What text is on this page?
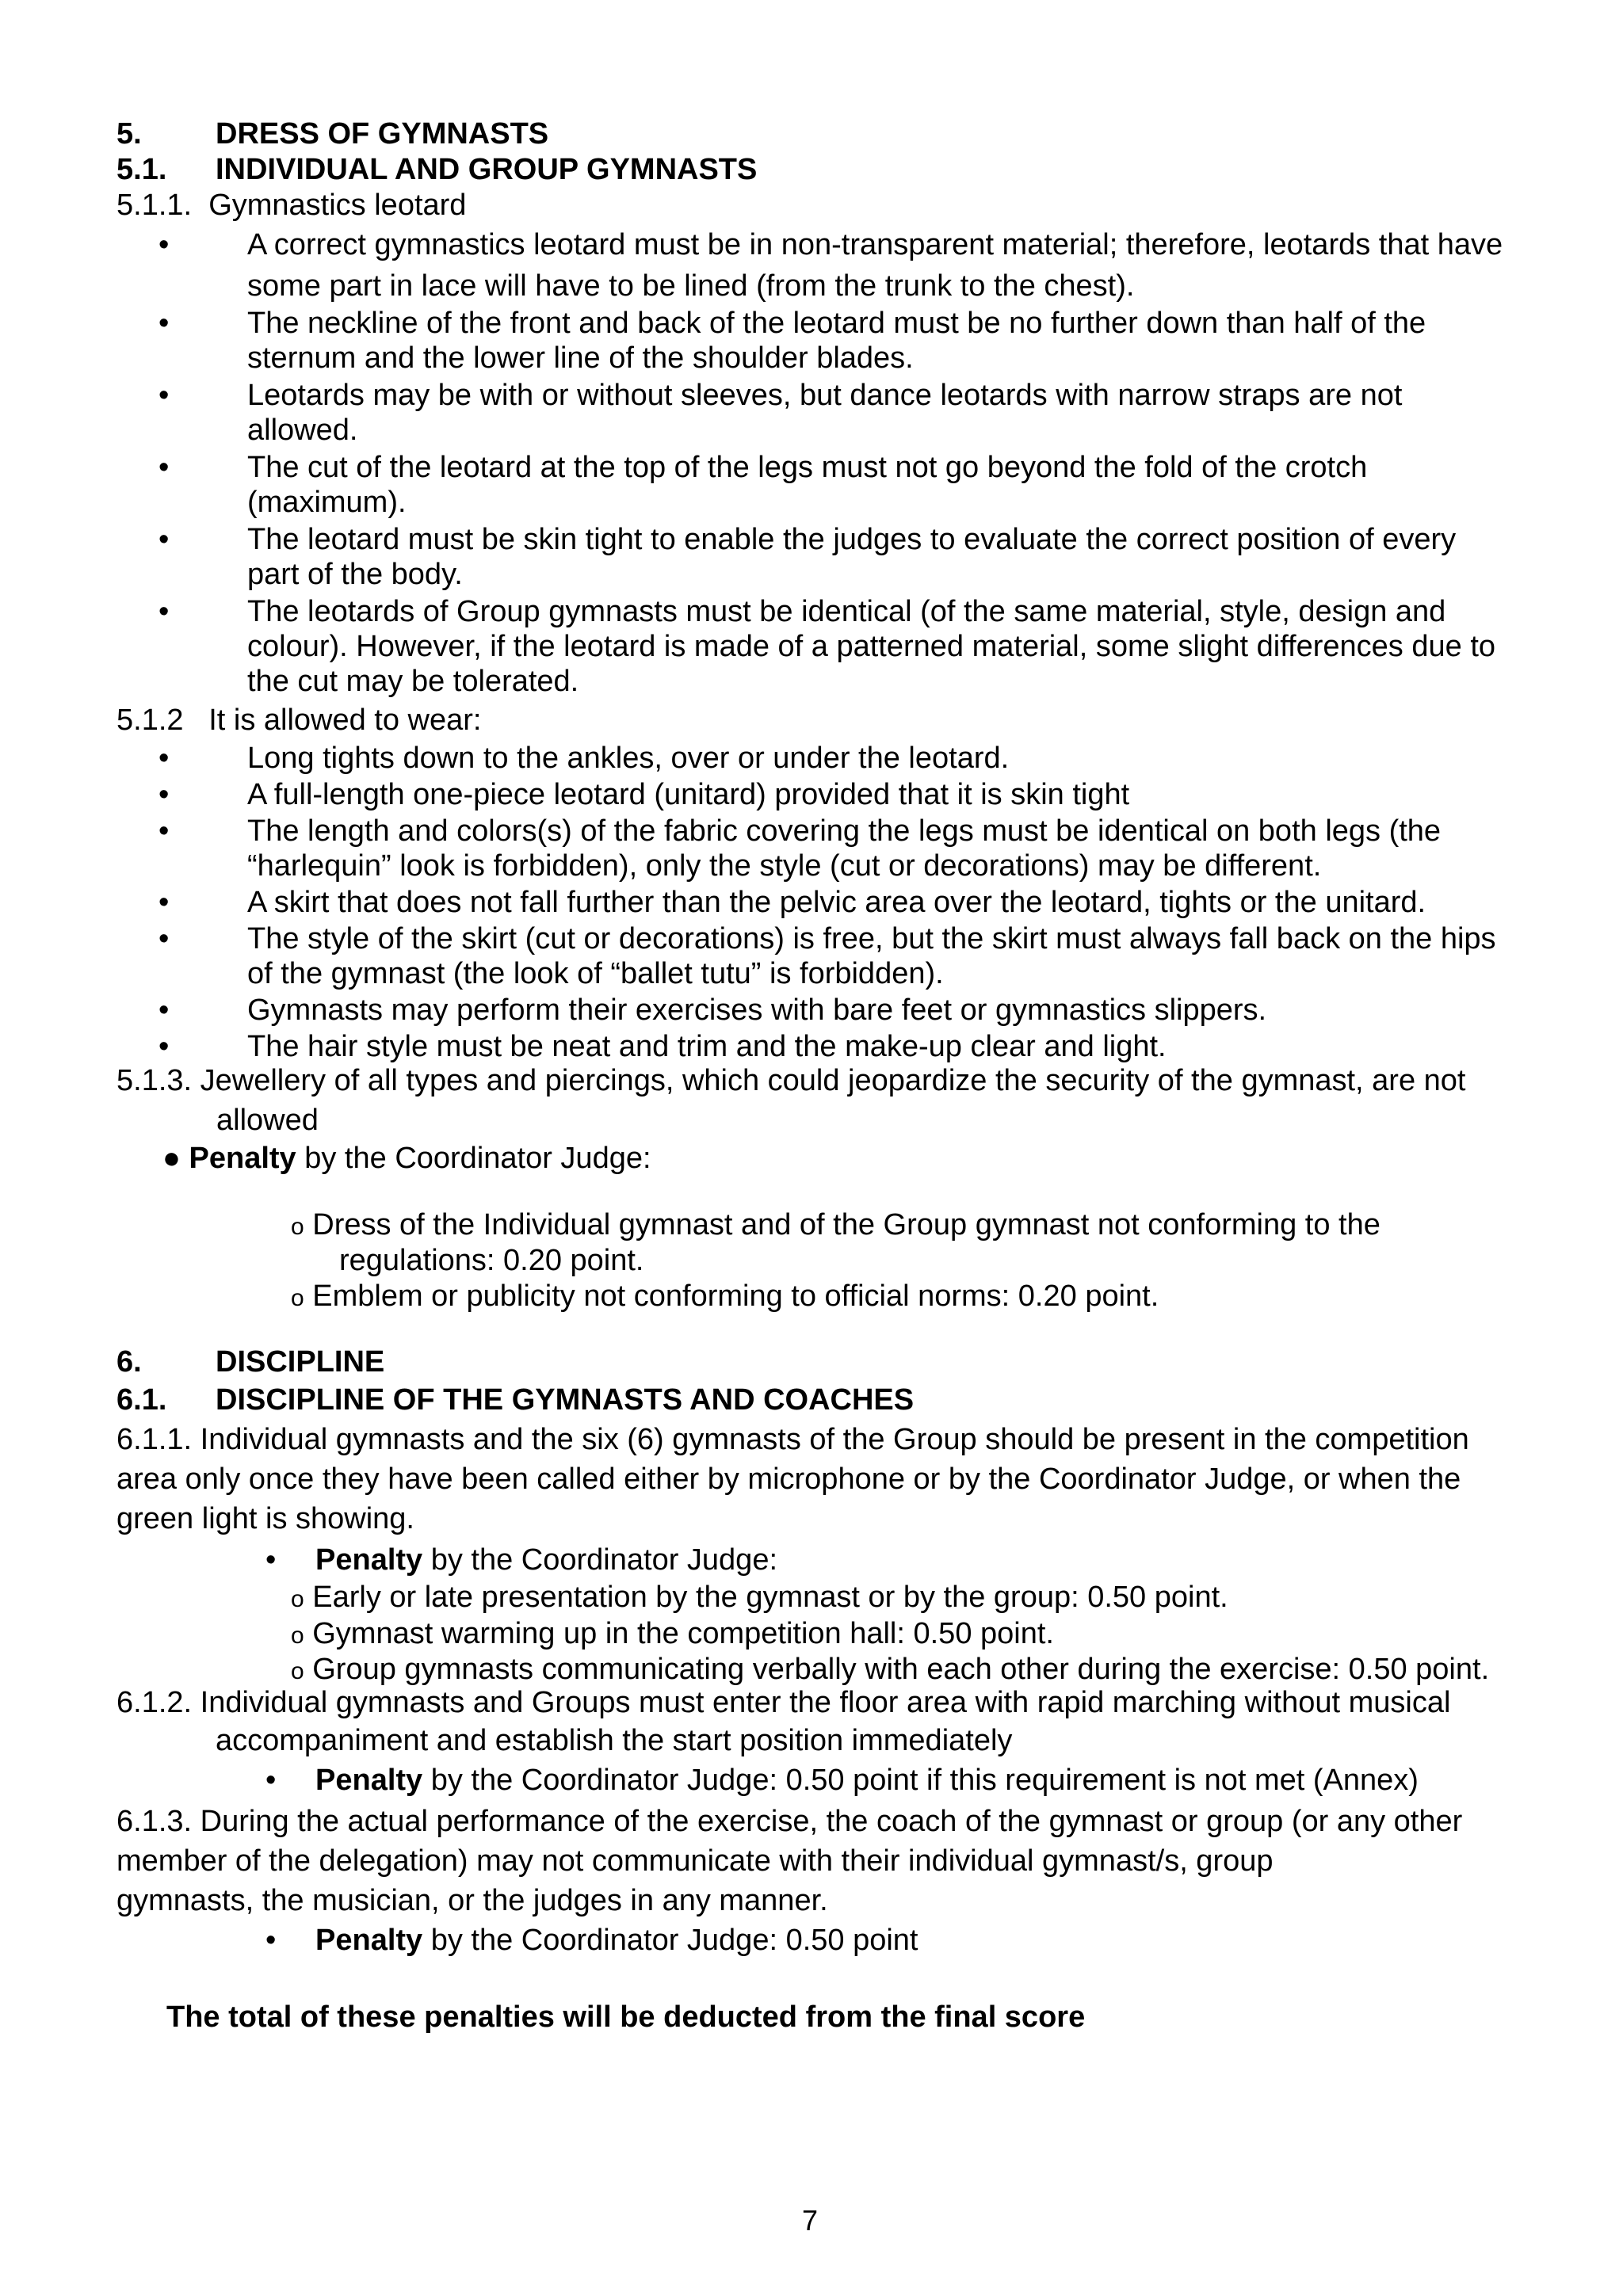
5. DRESS OF GYMNASTS
5.1. INDIVIDUAL AND GROUP GYMNASTS
5.1.1. Gymnastics leotard
•	A correct gymnastics leotard must be in non-transparent material; therefore, leotards that have
some part in lace will have to be lined (from the trunk to the chest).
•	The neckline of the front and back of the leotard must be no further down than half of the
sternum and the lower line of the shoulder blades.
•	Leotards may be with or without sleeves, but dance leotards with narrow straps are not
allowed.
•	The cut of the leotard at the top of the legs must not go beyond the fold of the crotch
(maximum).
•	The leotard must be skin tight to enable the judges to evaluate the correct position of every
part of the body.
•	The leotards of Group gymnasts must be identical (of the same material, style, design and
colour). However, if the leotard is made of a patterned material, some slight differences due to
the cut may be tolerated.
5.1.2 It is allowed to wear:
•	Long tights down to the ankles, over or under the leotard.
•	A full-length one-piece leotard (unitard) provided that it is skin tight
•	The length and colors(s) of the fabric covering the legs must be identical on both legs (the
“harlequin” look is forbidden), only the style (cut or decorations) may be different.
•	A skirt that does not fall further than the pelvic area over the leotard, tights or the unitard.
•	The style of the skirt (cut or decorations) is free, but the skirt must always fall back on the hips
of the gymnast (the look of “ballet tutu” is forbidden).
•	Gymnasts may perform their exercises with bare feet or gymnastics slippers.
•	The hair style must be neat and trim and the make-up clear and light.
5.1.3. Jewellery of all types and piercings, which could jeopardize the security of the gymnast, are not
allowed
● Penalty by the Coordinator Judge:
o Dress of the Individual gymnast and of the Group gymnast not conforming to the
regulations: 0.20 point.
o Emblem or publicity not conforming to official norms: 0.20 point.
6. DISCIPLINE
6.1. DISCIPLINE OF THE GYMNASTS AND COACHES
6.1.1. Individual gymnasts and the six (6) gymnasts of the Group should be present in the competition
area only once they have been called either by microphone or by the Coordinator Judge, or when the
green light is showing.
• Penalty by the Coordinator Judge:
o Early or late presentation by the gymnast or by the group: 0.50 point.
o Gymnast warming up in the competition hall: 0.50 point.
o Group gymnasts communicating verbally with each other during the exercise: 0.50 point.
6.1.2. Individual gymnasts and Groups must enter the floor area with rapid marching without musical
accompaniment and establish the start position immediately
• Penalty by the Coordinator Judge: 0.50 point if this requirement is not met (Annex)
6.1.3. During the actual performance of the exercise, the coach of the gymnast or group (or any other
member of the delegation) may not communicate with their individual gymnast/s, group
gymnasts, the musician, or the judges in any manner.
• Penalty by the Coordinator Judge: 0.50 point
The total of these penalties will be deducted from the final score
7
